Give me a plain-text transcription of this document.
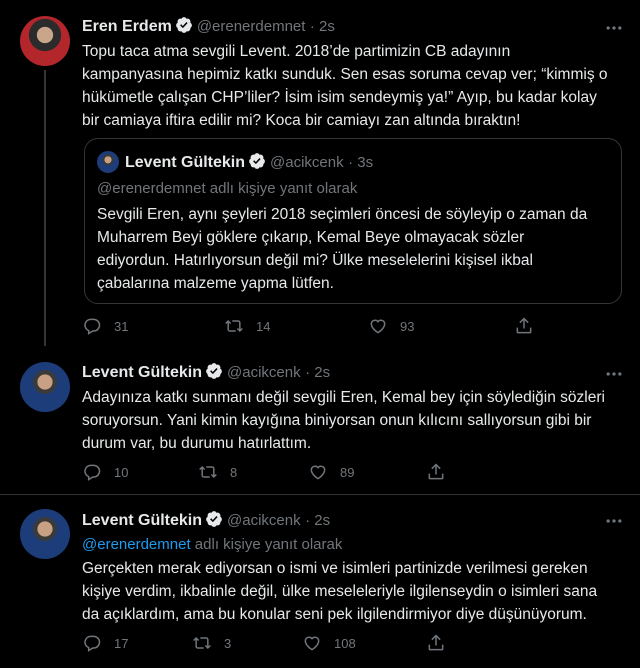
Eren Erdem @erenerdemnet · 2s
Topu taca atma sevgili Levent. 2018’de partimizin CB adayının
kampanyasına hepimiz katkı sunduk. Sen esas soruma cevap ver; “kimmiş o
hükümetle çalışan CHP’liler? İsim isim sendeymiş ya!” Ayıp, bu kadar kolay
bir camiaya iftira edilir mi? Koca bir camiayı zan altında bıraktın!
Levent Gültekin @acikcenk · 3s
@erenerdemnet adlı kişiye yanıt olarak
Sevgili Eren, aynı şeyleri 2018 seçimleri öncesi de söyleyip o zaman da
Muharrem Beyi göklere çıkarıp, Kemal Beye olmayacak sözler
ediyordun. Hatırlıyorsun değil mi? Ülke meselelerini kişisel ikbal
çabalarına malzeme yapma lütfen.
31	14	93
Levent Gültekin @acikcenk · 2s
Adayınıza katkı sunmanı değil sevgili Eren, Kemal bey için söylediğin sözleri
soruyorsun. Yani kimin kayığına biniyorsan onun kılıcını sallıyorsun gibi bir
durum var, bu durumu hatırlattım.
10	8	89
Levent Gültekin @acikcenk · 2s
@erenerdemnet adlı kişiye yanıt olarak
Gerçekten merak ediyorsan o ismi ve isimleri partinizde verilmesi gereken
kişiye verdim, ikbalinle değil, ülke meseleleriyle ilgilenseydin o isimleri sana
da açıklardım, ama bu konular seni pek ilgilendirmiyor diye düşünüyorum.
17	3	108
